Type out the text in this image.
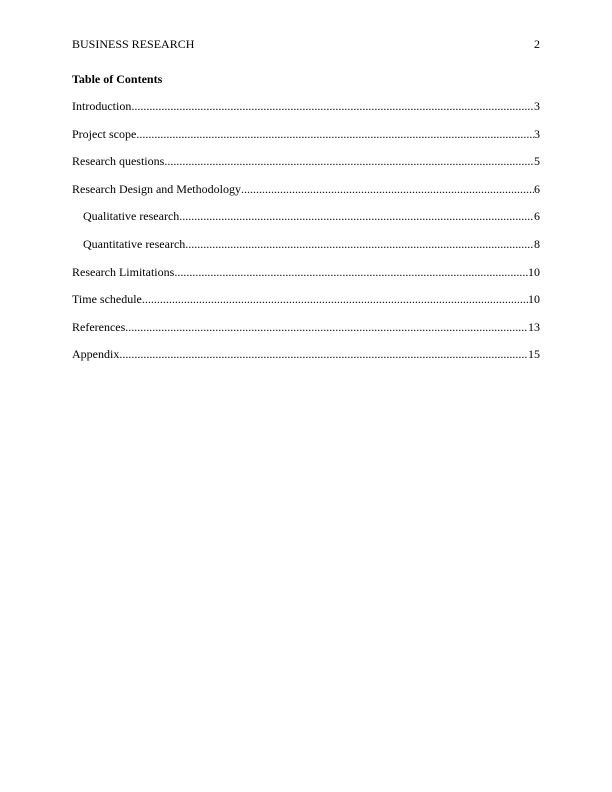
BUSINESS RESEARCH	2
Table of Contents
Introduction .....	3
Project scope .....	3
Research questions .....	5
Research Design and Methodology .....	6
Qualitative research .....	6
Quantitative research .....	8
Research Limitations .....	10
Time schedule .....	10
References .....	13
Appendix .....	15
